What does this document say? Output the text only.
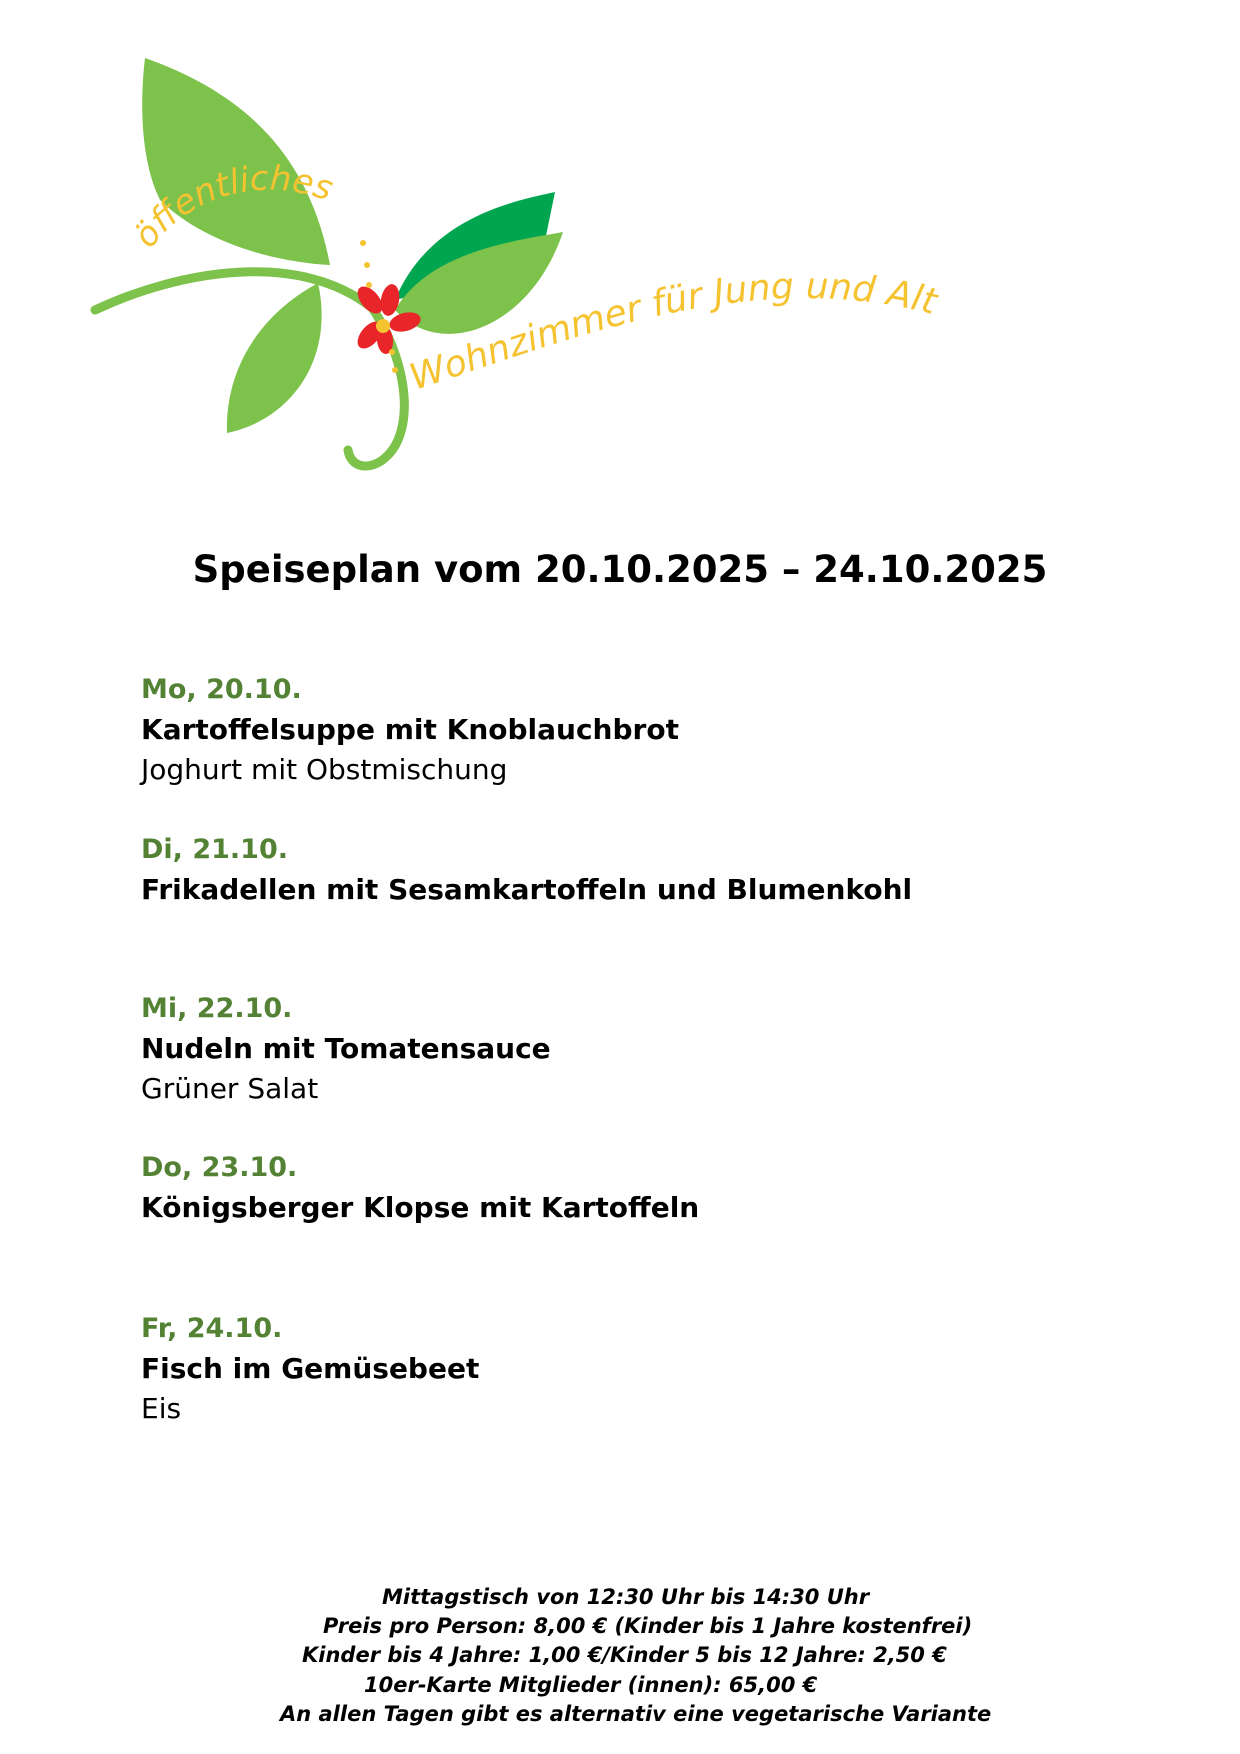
öffentliches
Wohnzimmer für Jung und Alt
Speiseplan vom 20.10.2025 – 24.10.2025
Mo, 20.10.
Kartoffelsuppe mit Knoblauchbrot
Joghurt mit Obstmischung
Di, 21.10.
Frikadellen mit Sesamkartoffeln und Blumenkohl
Mi, 22.10.
Nudeln mit Tomatensauce
Grüner Salat
Do, 23.10.
Königsberger Klopse mit Kartoffeln
Fr, 24.10.
Fisch im Gemüsebeet
Eis
Mittagstisch von 12:30 Uhr bis 14:30 Uhr
Preis pro Person: 8,00 € (Kinder bis 1 Jahre kostenfrei)
Kinder bis 4 Jahre: 1,00 €/Kinder 5 bis 12 Jahre: 2,50 €
10er-Karte Mitglieder (innen): 65,00 €
An allen Tagen gibt es alternativ eine vegetarische Variante
